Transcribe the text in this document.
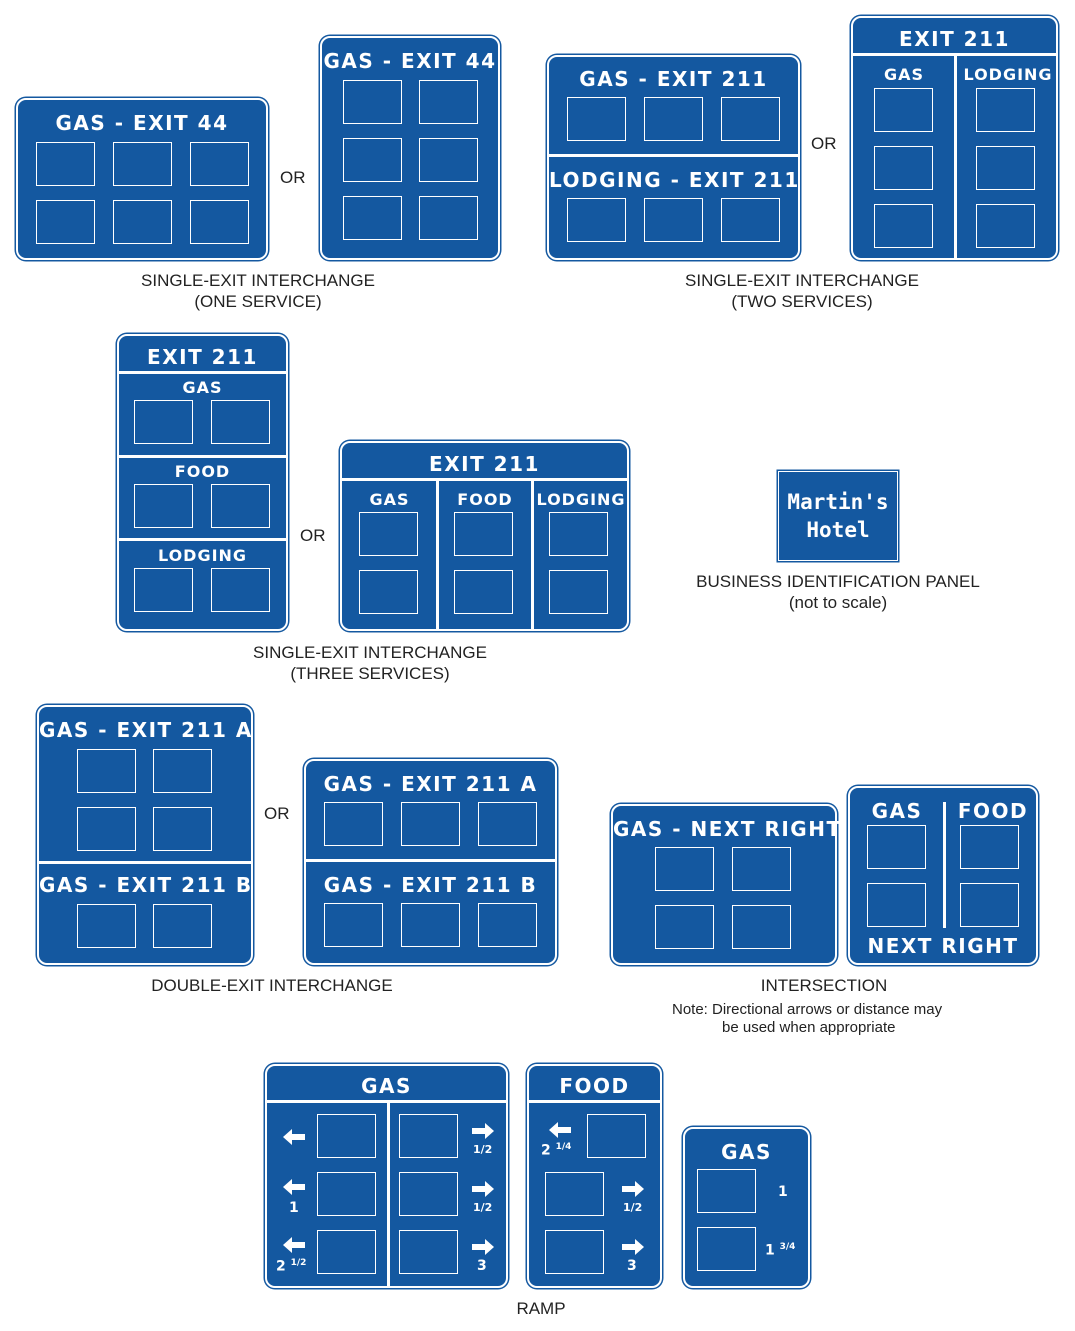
GAS - EXIT 44
OR
GAS - EXIT 44
SINGLE-EXIT INTERCHANGE
(ONE SERVICE)
GAS - EXIT 211
LODGING - EXIT 211
OR
EXIT 211
GAS	LODGING
SINGLE-EXIT INTERCHANGE
(TWO SERVICES)
EXIT 211
GAS
FOOD
LODGING
OR
EXIT 211
GAS	FOOD	LODGING
SINGLE-EXIT INTERCHANGE
(THREE SERVICES)
Martin's
Hotel
BUSINESS IDENTIFICATION PANEL
(not to scale)
GAS - EXIT 211 A
GAS - EXIT 211 B
OR
GAS - EXIT 211 A
GAS - EXIT 211 B
DOUBLE-EXIT INTERCHANGE
GAS - NEXT RIGHT
GAS	FOOD
NEXT RIGHT
INTERSECTION
Note: Directional arrows or distance may
be used when appropriate
GAS
1
2 $^{1/2}$
1/2
1/2
3
FOOD
2 $^{1/4}$
1/2
3
GAS
1
1 $^{3/4}$
RAMP
